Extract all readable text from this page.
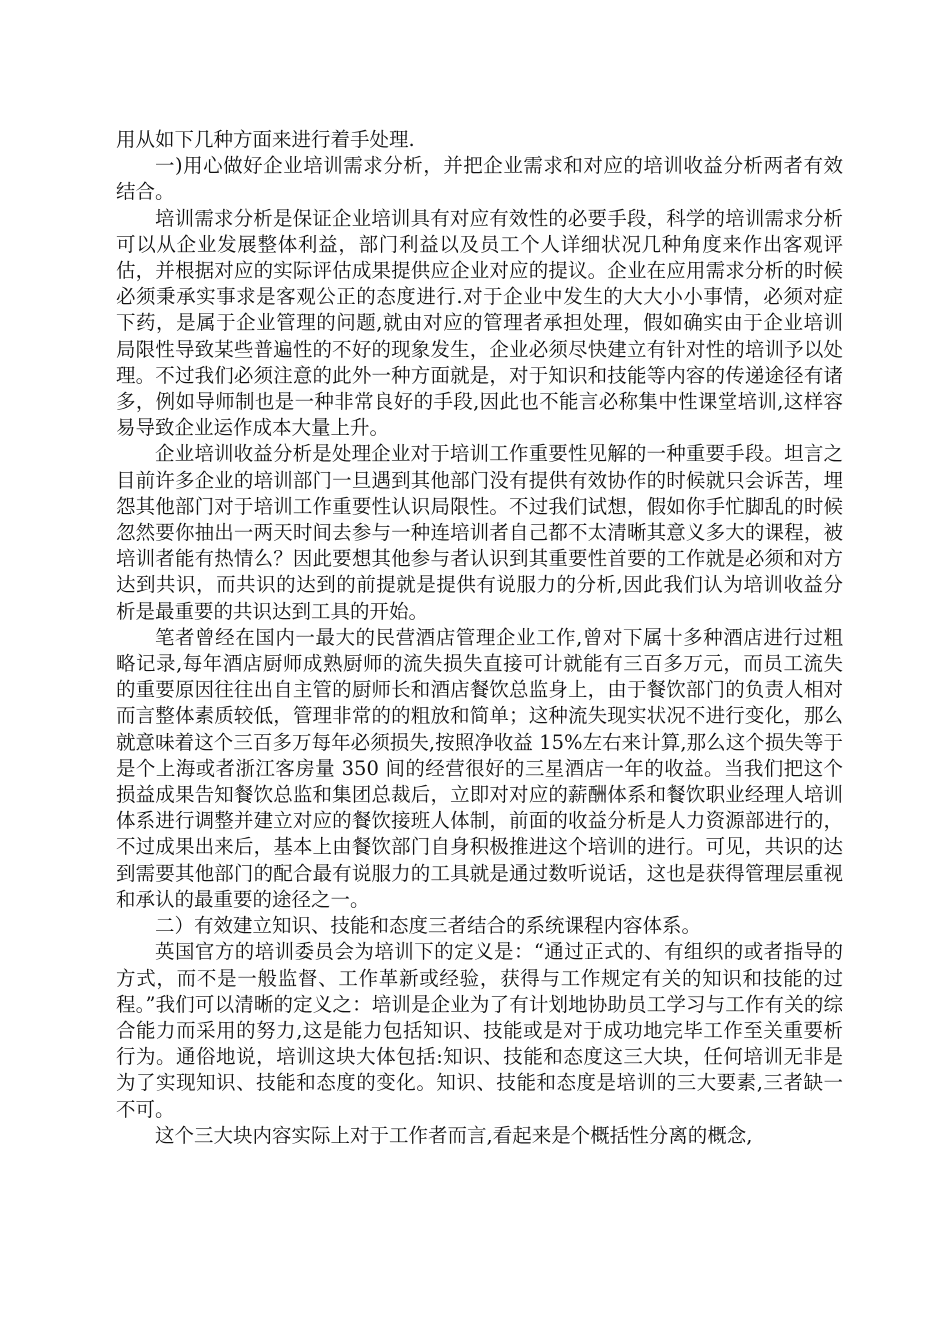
用从如下几种方面来进行着手处理.

一)用心做好企业培训需求分析，并把企业需求和对应的培训收益分析两者有效结合。

培训需求分析是保证企业培训具有对应有效性的必要手段，科学的培训需求分析可以从企业发展整体利益，部门利益以及员工个人详细状况几种角度来作出客观评估，并根据对应的实际评估成果提供应企业对应的提议。企业在应用需求分析的时候必须秉承实事求是客观公正的态度进行.对于企业中发生的大大小小事情，必须对症下药，是属于企业管理的问题,就由对应的管理者承担处理，假如确实由于企业培训局限性导致某些普遍性的不好的现象发生，企业必须尽快建立有针对性的培训予以处理。不过我们必须注意的此外一种方面就是，对于知识和技能等内容的传递途径有诸多，例如导师制也是一种非常良好的手段,因此也不能言必称集中性课堂培训,这样容易导致企业运作成本大量上升。

企业培训收益分析是处理企业对于培训工作重要性见解的一种重要手段。坦言之目前许多企业的培训部门一旦遇到其他部门没有提供有效协作的时候就只会诉苦，埋怨其他部门对于培训工作重要性认识局限性。不过我们试想，假如你手忙脚乱的时候忽然要你抽出一两天时间去参与一种连培训者自己都不太清晰其意义多大的课程，被培训者能有热情么？因此要想其他参与者认识到其重要性首要的工作就是必须和对方达到共识，而共识的达到的前提就是提供有说服力的分析,因此我们认为培训收益分析是最重要的共识达到工具的开始。

笔者曾经在国内一最大的民营酒店管理企业工作,曾对下属十多种酒店进行过粗略记录,每年酒店厨师成熟厨师的流失损失直接可计就能有三百多万元，而员工流失的重要原因往往出自主管的厨师长和酒店餐饮总监身上，由于餐饮部门的负责人相对而言整体素质较低，管理非常的的粗放和简单；这种流失现实状况不进行变化，那么就意味着这个三百多万每年必须损失,按照净收益 15%左右来计算,那么这个损失等于是个上海或者浙江客房量 350 间的经营很好的三星酒店一年的收益。当我们把这个损益成果告知餐饮总监和集团总裁后，立即对对应的薪酬体系和餐饮职业经理人培训体系进行调整并建立对应的餐饮接班人体制，前面的收益分析是人力资源部进行的，不过成果出来后，基本上由餐饮部门自身积极推进这个培训的进行。可见，共识的达到需要其他部门的配合最有说服力的工具就是通过数听说话，这也是获得管理层重视和承认的最重要的途径之一。

二）有效建立知识、技能和态度三者结合的系统课程内容体系。

英国官方的培训委员会为培训下的定义是：“通过正式的、有组织的或者指导的方式，而不是一般监督、工作革新或经验，获得与工作规定有关的知识和技能的过程。”我们可以清晰的定义之：培训是企业为了有计划地协助员工学习与工作有关的综合能力而采用的努力,这是能力包括知识、技能或是对于成功地完毕工作至关重要析行为。通俗地说，培训这块大体包括:知识、技能和态度这三大块，任何培训无非是为了实现知识、技能和态度的变化。知识、技能和态度是培训的三大要素,三者缺一不可。

这个三大块内容实际上对于工作者而言,看起来是个概括性分离的概念,
